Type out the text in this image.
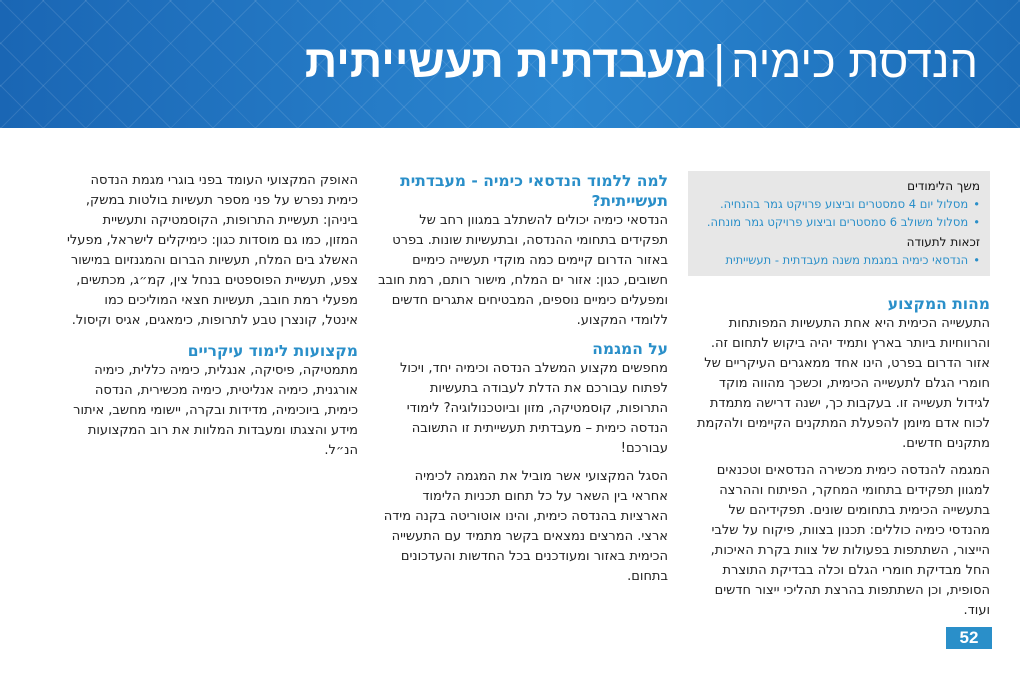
הנדסת כימיה|מעבדתית תעשייתית
משך הלימודים
• מסלול יום 4 סמסטרים וביצוע פרויקט גמר בהנחיה.
• מסלול משולב 6 סמסטרים וביצוע פרויקט גמר מונחה.
זכאות לתעודה
• הנדסאי כימיה במגמת משנה מעבדתית - תעשייתית
מהות המקצוע

התעשייה הכימית היא אחת התעשיות המפותחות והרווחיות ביותר בארץ ותמיד יהיה ביקוש לתחום זה. אזור הדרום בפרט, הינו אחד ממאגרים העיקריים של חומרי הגלם לתעשייה הכימית, וכשכך מהווה מוקד לגידול תעשייה זו. בעקבות כך, ישנה דרישה מתמדת לכוח אדם מיומן להפעלת המתקנים הקיימים ולהקמת מתקנים חדשים.

המגמה להנדסה כימית מכשירה הנדסאים וטכנאים למגוון תפקידים בתחומי המחקר, הפיתוח וההרצה בתעשייה הכימית בתחומים שונים. תפקידיהם של מהנדסי כימיה כוללים: תכנון בצוות, פיקוח על שלבי הייצור, השתתפות בפעולות של צוות בקרת האיכות, החל מבדיקת חומרי הגלם וכלה בבדיקת התוצרת הסופית, וכן השתתפות בהרצת תהליכי ייצור חדשים ועוד.

למה ללמוד הנדסאי כימיה - מעבדתית תעשייתית?

הנדסאי כימיה יכולים להשתלב במגוון רחב של תפקידים בתחומי ההנדסה, ובתעשיות שונות. בפרט באזור הדרום קיימים כמה מוקדי תעשייה כימיים חשובים, כגון: אזור ים המלח, מישור רותם, רמת חובב ומפעלים כימיים נוספים, המבטיחים אתגרים חדשים ללומדי המקצוע.

על המגמה

מחפשים מקצוע המשלב הנדסה וכימיה יחד, ויכול לפתוח עבורכם את הדלת לעבודה בתעשיות התרופות, קוסמטיקה, מזון וביוטכנולוגיה? לימודי הנדסה כימית – מעבדתית תעשייתית זו התשובה עבורכם!

הסגל המקצועי אשר מוביל את המגמה לכימיה אחראי בין השאר על כל תחום תכניות הלימוד הארציות בהנדסה כימית, והינו אוטוריטה בקנה מידה ארצי. המרצים נמצאים בקשר מתמיד עם התעשייה הכימית באזור ומעודכנים בכל החדשות והעדכונים בתחום.

האופק המקצועי העומד בפני בוגרי מגמת הנדסה כימית נפרש על פני מספר תעשיות בולטות במשק, ביניהן: תעשיית התרופות, הקוסמטיקה ותעשיית המזון, כמו גם מוסדות כגון: כימיקלים לישראל, מפעלי האשלג בים המלח, תעשיות הברום והמגנזיום במישור צפע, תעשיית הפוספטים בנחל צין, קמ״ג, מכתשים, מפעלי רמת חובב, תעשיות חצאי המוליכים כמו אינטל, קונצרן טבע לתרופות, כימאגים, אגיס וקיסול.

מקצועות לימוד עיקריים

מתמטיקה, פיסיקה, אנגלית, כימיה כללית, כימיה אורגנית, כימיה אנליטית, כימיה מכשירית, הנדסה כימית, ביוכימיה, מדידות ובקרה, יישומי מחשב, איתור מידע והצגתו ומעבדות המלוות את רוב המקצועות הנ״ל.

52
